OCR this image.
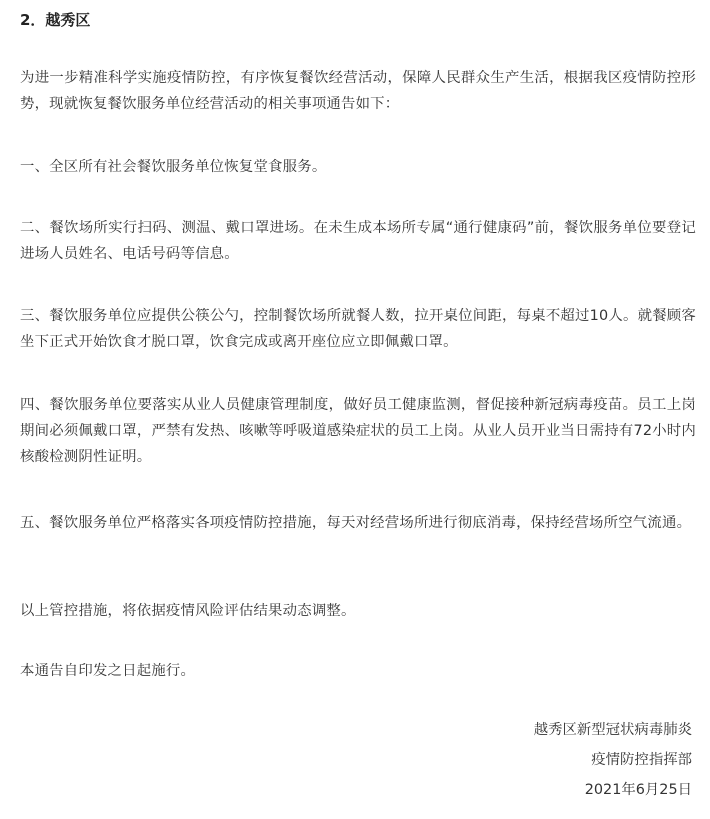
2．越秀区

为进一步精准科学实施疫情防控，有序恢复餐饮经营活动，保障人民群众生产生活，根据我区疫情防控形势，现就恢复餐饮服务单位经营活动的相关事项通告如下：

一、全区所有社会餐饮服务单位恢复堂食服务。

二、餐饮场所实行扫码、测温、戴口罩进场。在未生成本场所专属“通行健康码”前，餐饮服务单位要登记进场人员姓名、电话号码等信息。

三、餐饮服务单位应提供公筷公勺，控制餐饮场所就餐人数，拉开桌位间距，每桌不超过10人。就餐顾客坐下正式开始饮食才脱口罩，饮食完成或离开座位应立即佩戴口罩。

四、餐饮服务单位要落实从业人员健康管理制度，做好员工健康监测，督促接种新冠病毒疫苗。员工上岗期间必须佩戴口罩，严禁有发热、咳嗽等呼吸道感染症状的员工上岗。从业人员开业当日需持有72小时内核酸检测阴性证明。

五、餐饮服务单位严格落实各项疫情防控措施，每天对经营场所进行彻底消毒，保持经营场所空气流通。

以上管控措施，将依据疫情风险评估结果动态调整。

本通告自印发之日起施行。

越秀区新型冠状病毒肺炎
疫情防控指挥部
2021年6月25日
